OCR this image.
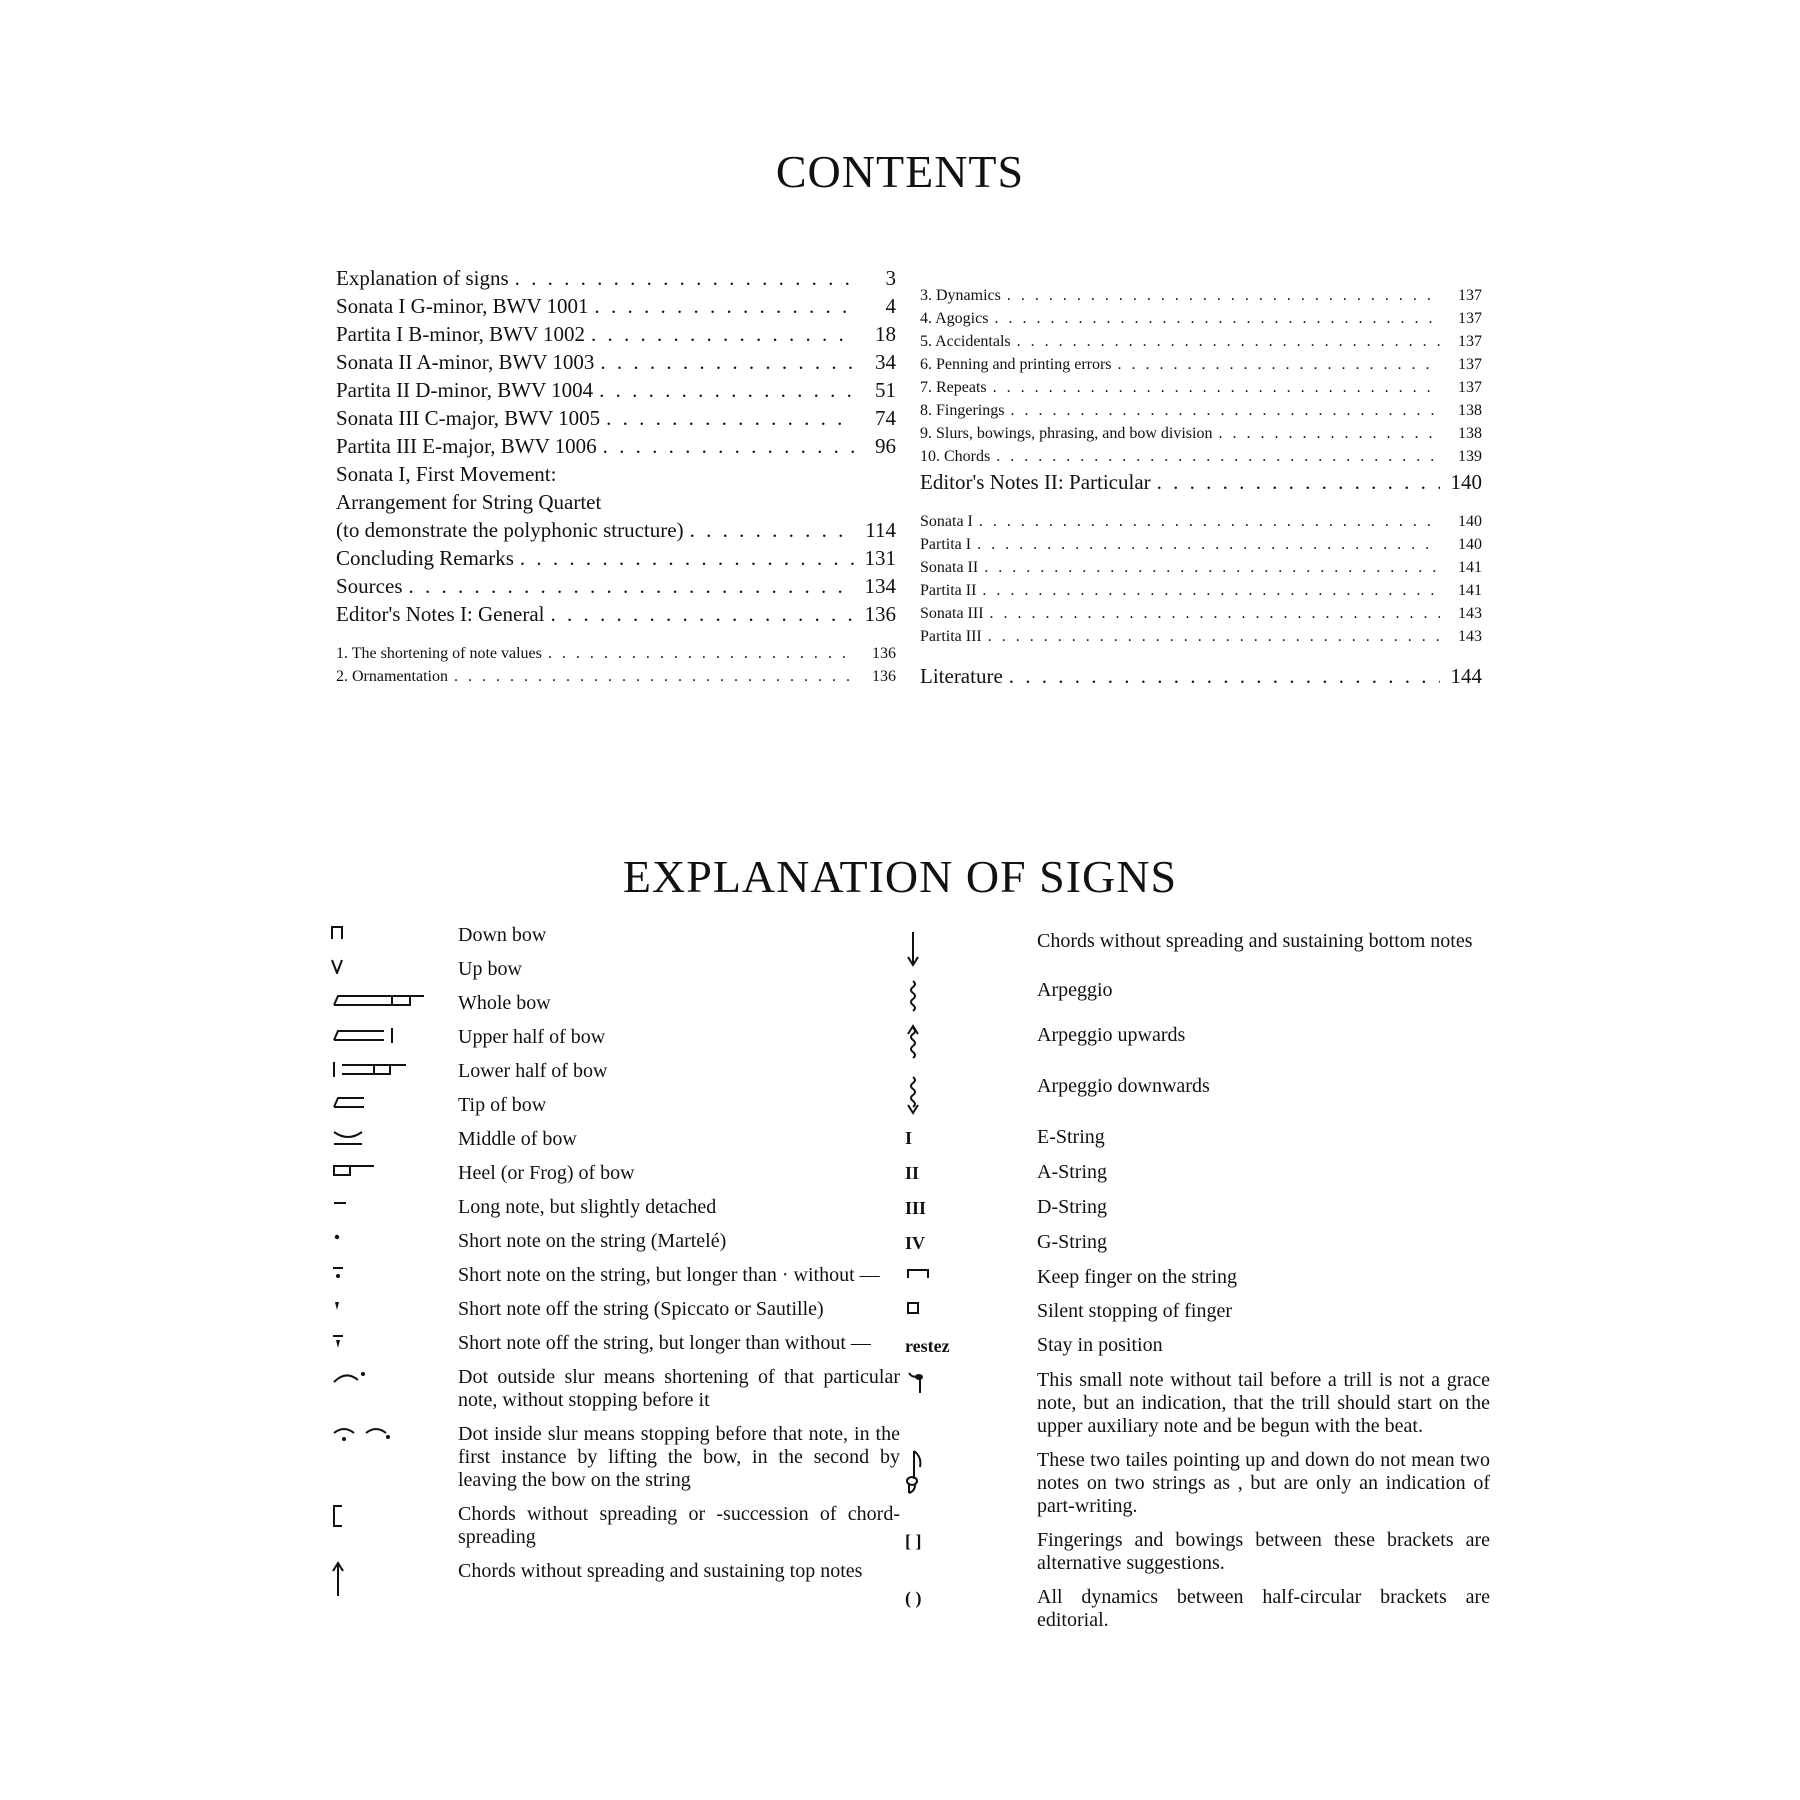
CONTENTS
Explanation of signs . . .	3
Sonata I G-minor, BWV 1001 . . .	4
Partita I B-minor, BWV 1002 . . .	18
Sonata II A-minor, BWV 1003 . . .	34
Partita II D-minor, BWV 1004 . . .	51
Sonata III C-major, BWV 1005 . . .	74
Partita III E-major, BWV 1006 . . .	96
Sonata I, First Movement:
Arrangement for String Quartet
(to demonstrate the polyphonic structure) . . .	114
Concluding Remarks . . .	131
Sources . . .	134
Editor's Notes I: General . . .	136
1. The shortening of note values . . .	136
2. Ornamentation . . .	136
3. Dynamics . . .	137
4. Agogics . . .	137
5. Accidentals . . .	137
6. Penning and printing errors . . .	137
7. Repeats . . .	137
8. Fingerings . . .	138
9. Slurs, bowings, phrasing, and bow division . . .	138
10. Chords . . .	139
Editor's Notes II: Particular . . .	140
Sonata I . . .	140
Partita I . . .	140
Sonata II . . .	141
Partita II . . .	141
Sonata III . . .	143
Partita III . . .	143
Literature . . .	144
EXPLANATION OF SIGNS
Down bow
Up bow
Whole bow
Upper half of bow
Lower half of bow
Tip of bow
Middle of bow
Heel (or Frog) of bow
Long note, but slightly detached
Short note on the string (Martelé)
Short note on the string, but longer than · without —
Short note off the string (Spiccato or Sautille)
Short note off the string, but longer than without —
Dot outside slur means shortening of that particular note, without stopping before it
Dot inside slur means stopping before that note, in the first instance by lifting the bow, in the second by leaving the bow on the string
Chords without spreading or -succession of chord-spreading
Chords without spreading and sustaining top notes
Chords without spreading and sustaining bottom notes
Arpeggio
Arpeggio upwards
Arpeggio downwards
I	E-String
II	A-String
III	D-String
IV	G-String
Keep finger on the string
Silent stopping of finger
restez	Stay in position
This small note without tail before a trill is not a grace note, but an indication, that the trill should start on the upper auxiliary note and be begun with the beat.
These two tailes pointing up and down do not mean two notes on two strings as , but are only an indication of part-writing.
[ ]	Fingerings and bowings between these brackets are alternative suggestions.
( )	All dynamics between half-circular brackets are editorial.
